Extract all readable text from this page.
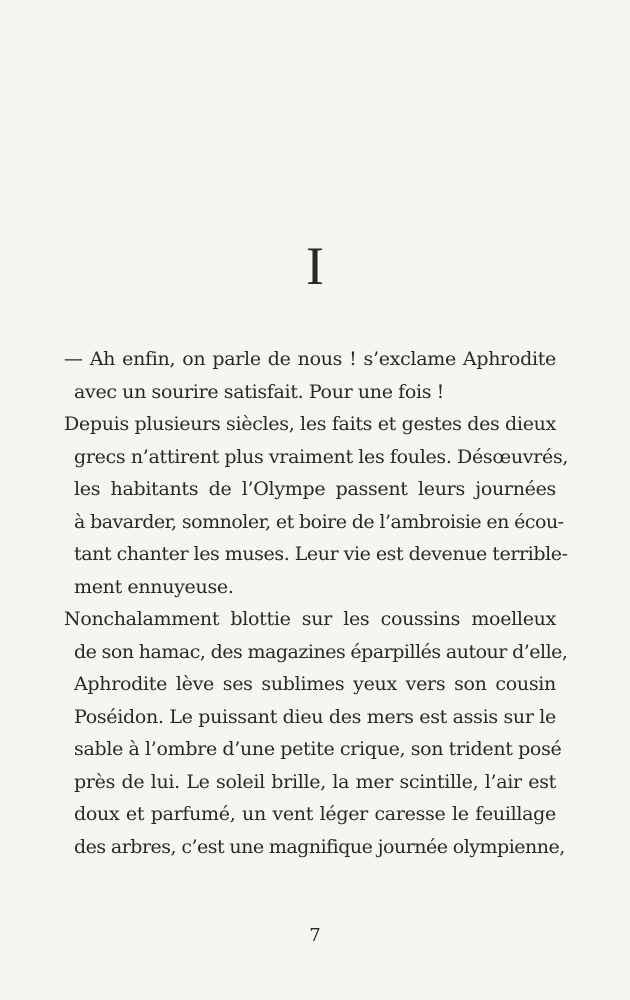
I

— Ah enfin, on parle de nous ! s’exclame Aphrodite
avec un sourire satisfait. Pour une fois !

Depuis plusieurs siècles, les faits et gestes des dieux
grecs n’attirent plus vraiment les foules. Désœuvrés,
les habitants de l’Olympe passent leurs journées
à bavarder, somnoler, et boire de l’ambroisie en écou-
tant chanter les muses. Leur vie est devenue terrible-
ment ennuyeuse.

Nonchalamment blottie sur les coussins moelleux
de son hamac, des magazines éparpillés autour d’elle,
Aphrodite lève ses sublimes yeux vers son cousin
Poséidon. Le puissant dieu des mers est assis sur le
sable à l’ombre d’une petite crique, son trident posé
près de lui. Le soleil brille, la mer scintille, l’air est
doux et parfumé, un vent léger caresse le feuillage
des arbres, c’est une magnifique journée olympienne,

7
